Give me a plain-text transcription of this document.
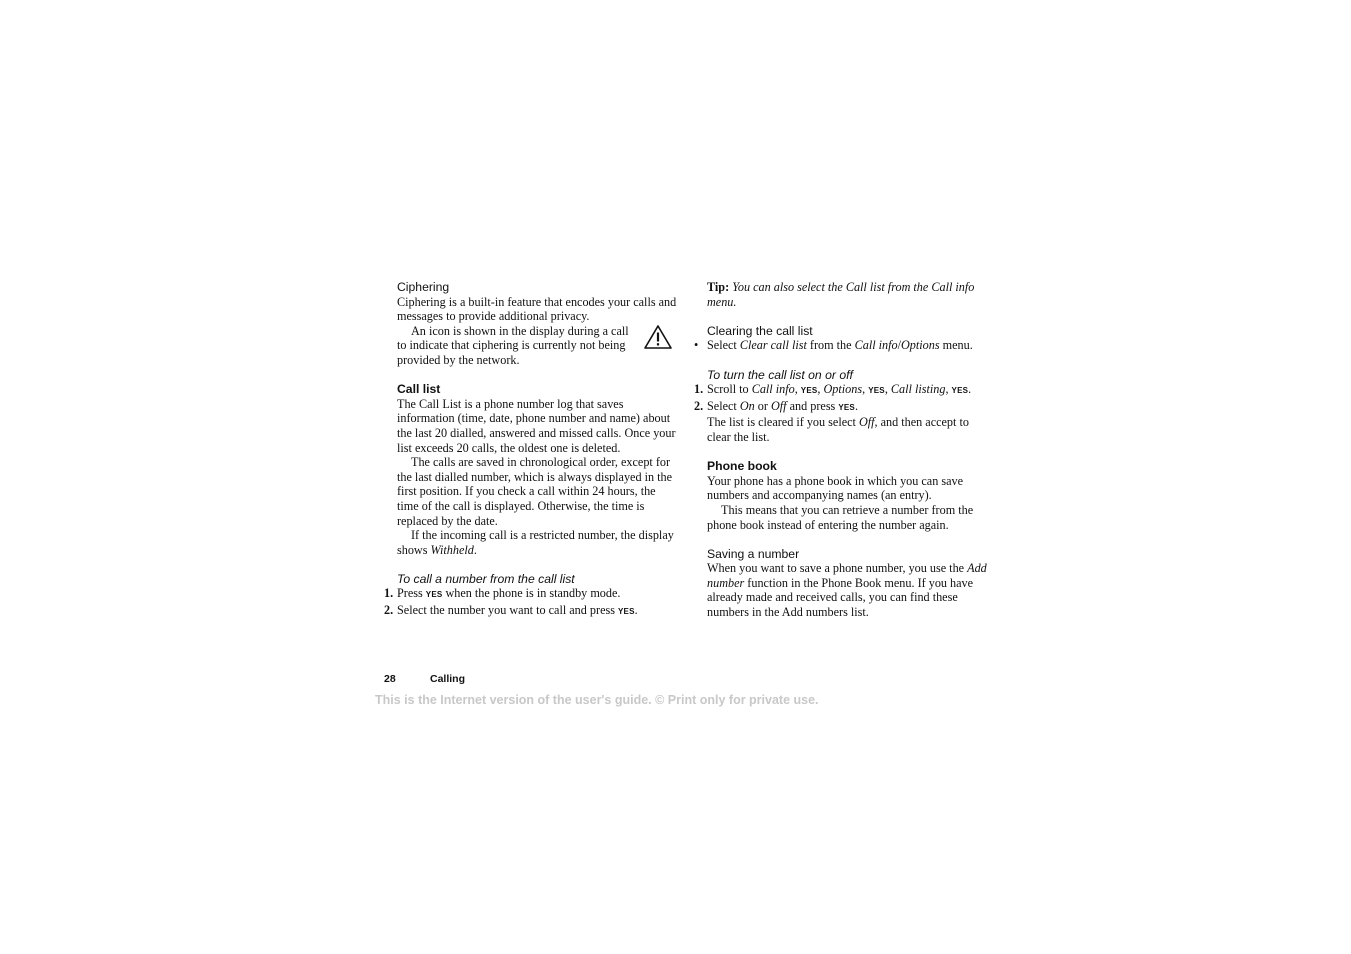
Ciphering

Ciphering is a built-in feature that encodes your calls and messages to provide additional privacy.

An icon is shown in the display during a call to indicate that ciphering is currently not being provided by the network.

Call list

The Call List is a phone number log that saves information (time, date, phone number and name) about the last 20 dialled, answered and missed calls. Once your list exceeds 20 calls, the oldest one is deleted.

The calls are saved in chronological order, except for the last dialled number, which is always displayed in the first position. If you check a call within 24 hours, the time of the call is displayed. Otherwise, the time is replaced by the date.

If the incoming call is a restricted number, the display shows Withheld.

To call a number from the call list
1. Press YES when the phone is in standby mode.
2. Select the number you want to call and press YES.

Tip: You can also select the Call list from the Call info menu.

Clearing the call list
• Select Clear call list from the Call info/Options menu.
To turn the call list on or off
1. Scroll to Call info, YES, Options, YES, Call listing, YES.
2. Select On or Off and press YES.
The list is cleared if you select Off, and then accept to clear the list.
Phone book

Your phone has a phone book in which you can save numbers and accompanying names (an entry).

This means that you can retrieve a number from the phone book instead of entering the number again.

Saving a number

When you want to save a phone number, you use the Add number function in the Phone Book menu. If you have already made and received calls, you can find these numbers in the Add numbers list.

28	Calling
This is the Internet version of the user's guide. © Print only for private use.
